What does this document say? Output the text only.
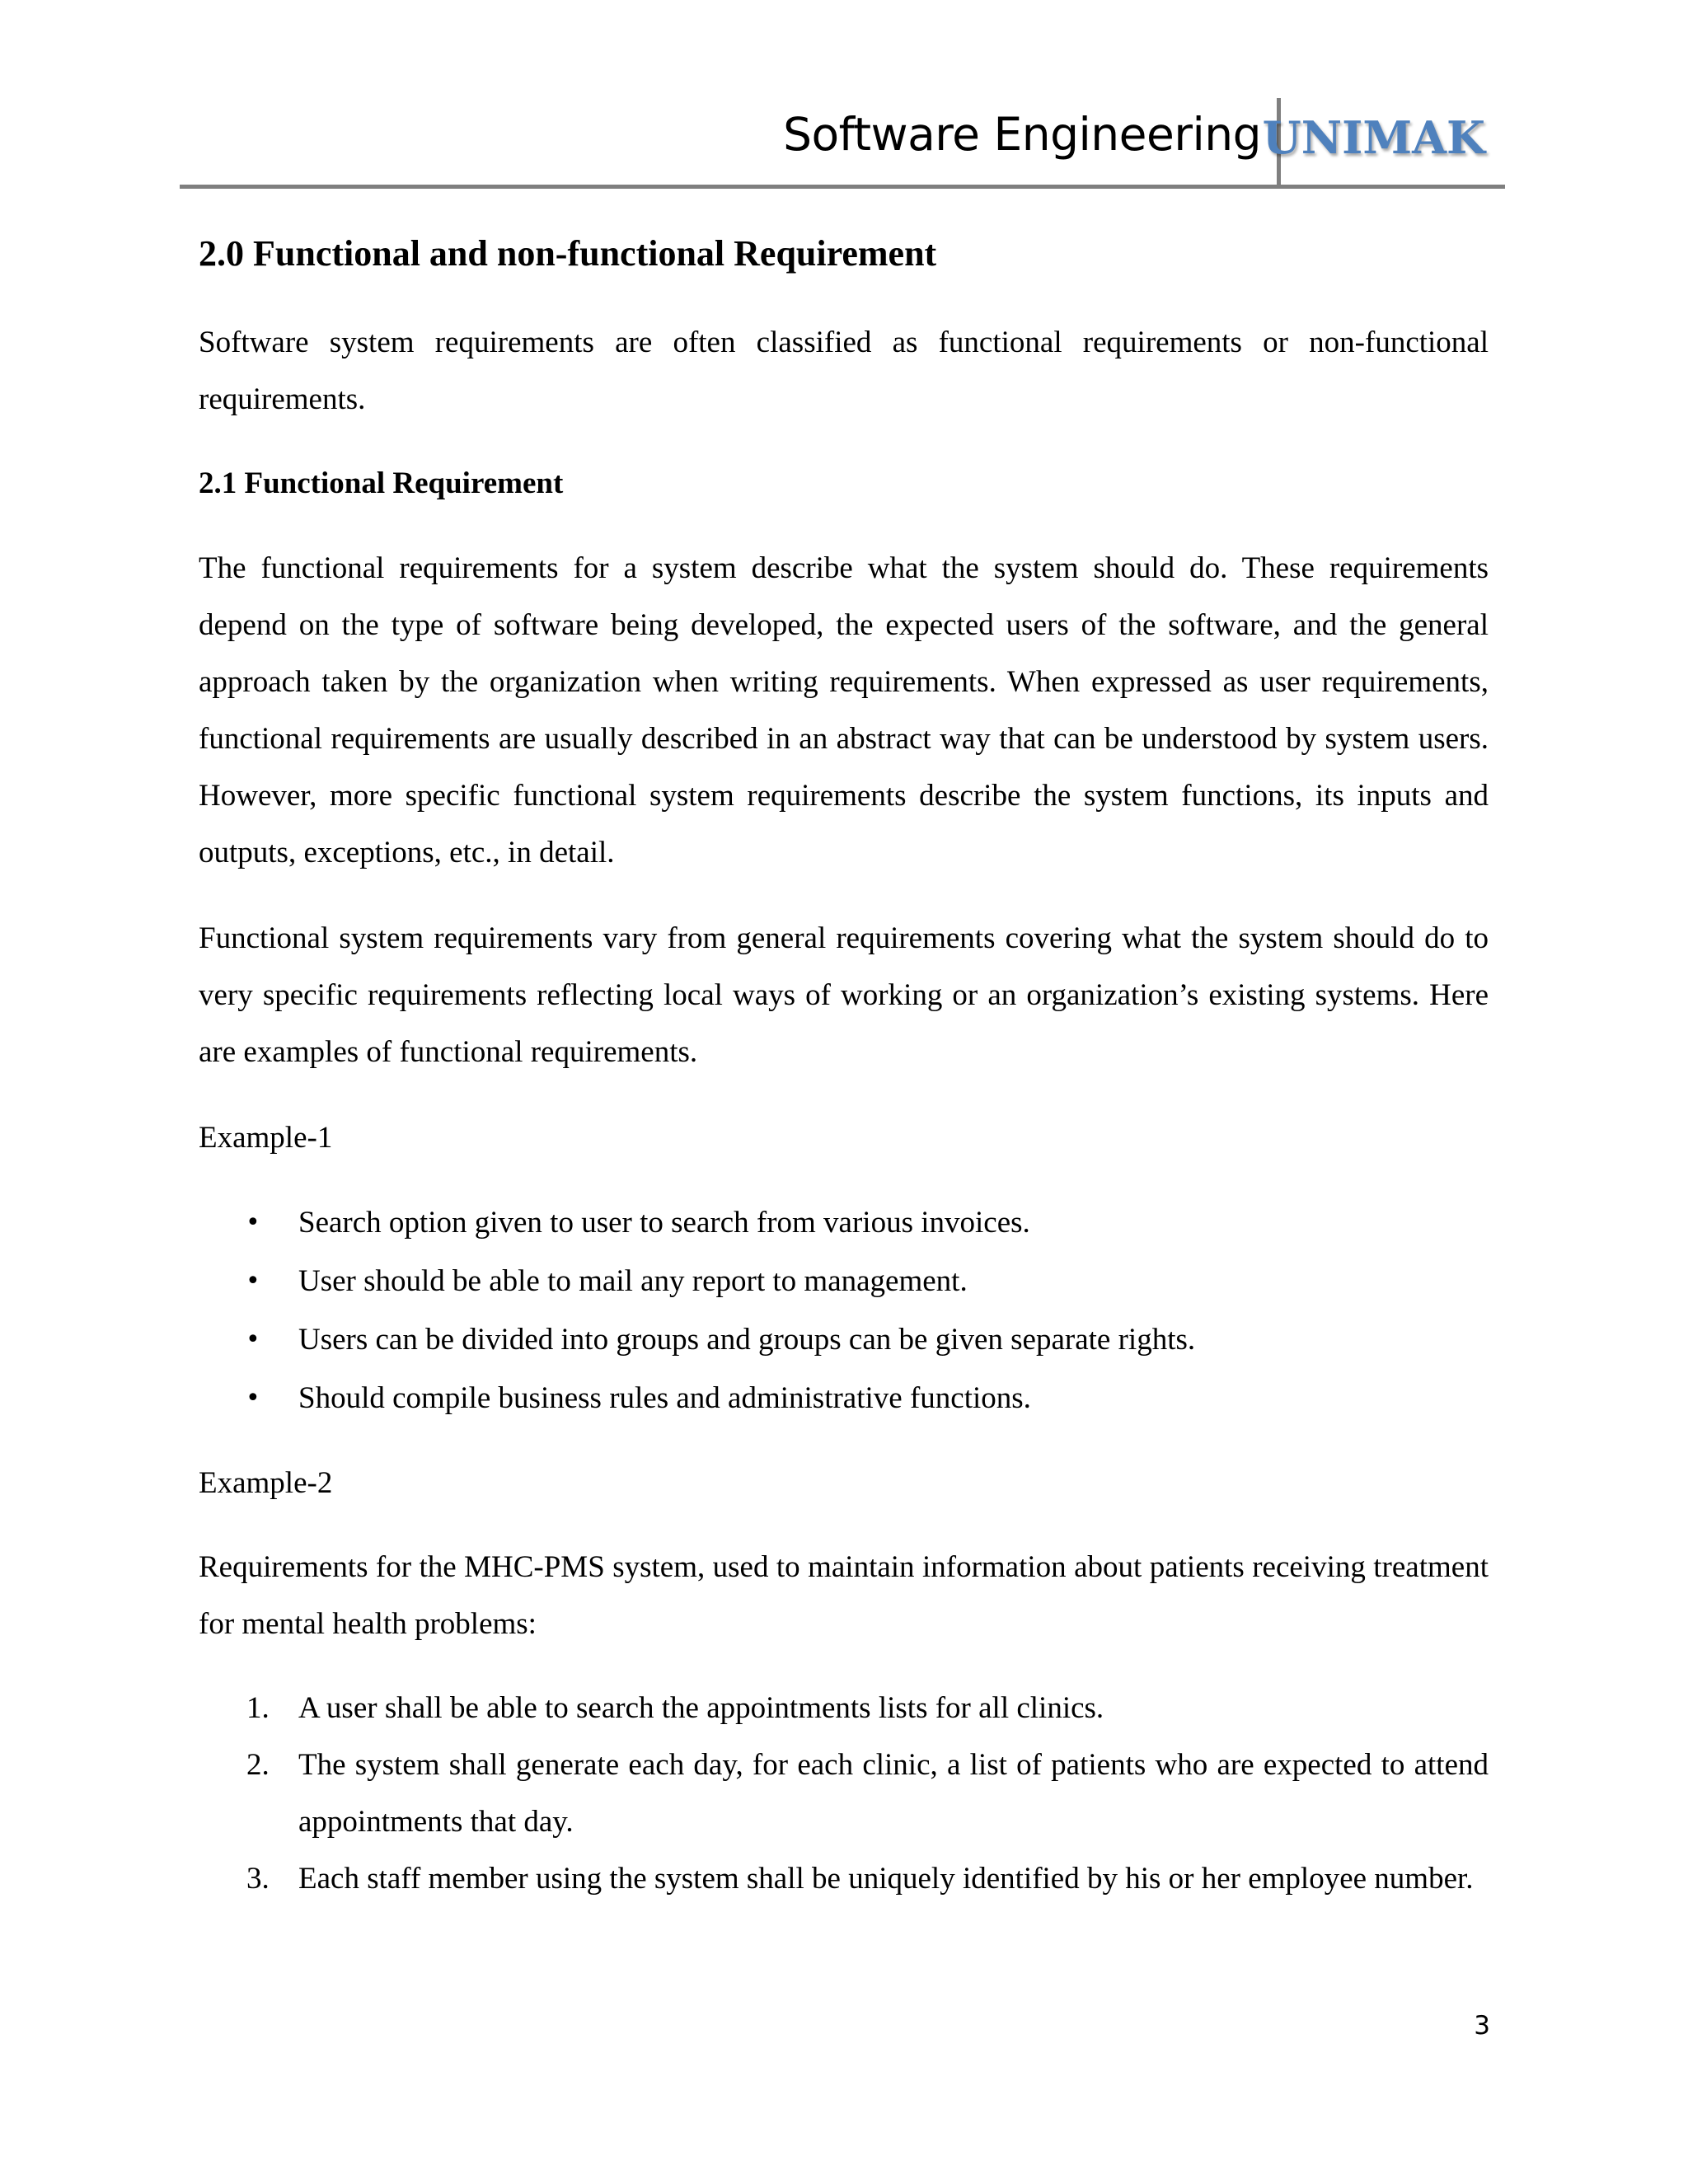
Software Engineering UNIMAK
2.0 Functional and non-functional Requirement

Software system requirements are often classified as functional requirements or non-functional requirements.

2.1 Functional Requirement

The functional requirements for a system describe what the system should do. These requirements depend on the type of software being developed, the expected users of the software, and the general approach taken by the organization when writing requirements. When expressed as user requirements, functional requirements are usually described in an abstract way that can be understood by system users. However, more specific functional system requirements describe the system functions, its inputs and outputs, exceptions, etc., in detail.

Functional system requirements vary from general requirements covering what the system should do to very specific requirements reflecting local ways of working or an organization’s existing systems. Here are examples of functional requirements.

Example-1

• Search option given to user to search from various invoices.
• User should be able to mail any report to management.
• Users can be divided into groups and groups can be given separate rights.
• Should compile business rules and administrative functions.

Example-2

Requirements for the MHC-PMS system, used to maintain information about patients receiving treatment for mental health problems:

1. A user shall be able to search the appointments lists for all clinics.
2. The system shall generate each day, for each clinic, a list of patients who are expected to attend appointments that day.
3. Each staff member using the system shall be uniquely identified by his or her employee number.
3
